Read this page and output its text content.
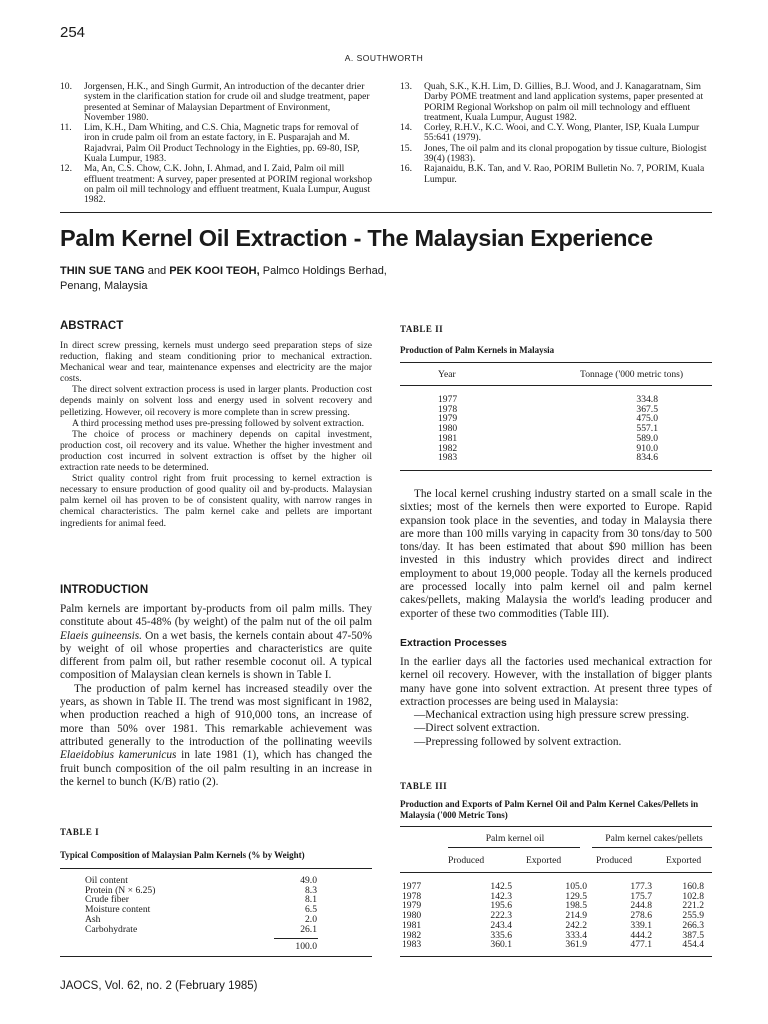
254
A. SOUTHWORTH
10.	Jorgensen, H.K., and Singh Gurmit, An introduction of the decanter drier system in the clarification station for crude oil and sludge treatment, paper presented at Seminar of Malaysian Department of Environment, November 1980.
11.	Lim, K.H., Dam Whiting, and C.S. Chia, Magnetic traps for removal of iron in crude palm oil from an estate factory, in E. Pusparajah and M. Rajadvrai, Palm Oil Product Technology in the Eighties, pp. 69-80, ISP, Kuala Lumpur, 1983.
12.	Ma, An, C.S. Chow, C.K. John, I. Ahmad, and I. Zaid, Palm oil mill effluent treatment: A survey, paper presented at PORIM regional workshop on palm oil mill technology and effluent treatment, Kuala Lumpur, August 1982.
13.	Quah, S.K., K.H. Lim, D. Gillies, B.J. Wood, and J. Kanagaratnam, Sim Darby POME treatment and land application systems, paper presented at PORIM Regional Workshop on palm oil mill technology and effluent treatment, Kuala Lumpur, August 1982.
14.	Corley, R.H.V., K.C. Wooi, and C.Y. Wong, Planter, ISP, Kuala Lumpur 55:641 (1979).
15.	Jones, The oil palm and its clonal propogation by tissue culture, Biologist 39(4) (1983).
16.	Rajanaidu, B.K. Tan, and V. Rao, PORIM Bulletin No. 7, PORIM, Kuala Lumpur.
Palm Kernel Oil Extraction - The Malaysian Experience
THIN SUE TANG and PEK KOOI TEOH, Palmco Holdings Berhad,
Penang, Malaysia
ABSTRACT

In direct screw pressing, kernels must undergo seed preparation steps of size reduction, flaking and steam conditioning prior to mechanical extraction. Mechanical wear and tear, maintenance expenses and electricity are the major costs.

The direct solvent extraction process is used in larger plants. Production cost depends mainly on solvent loss and energy used in solvent recovery and pelletizing. However, oil recovery is more complete than in screw pressing.

A third processing method uses pre-pressing followed by solvent extraction.

The choice of process or machinery depends on capital investment, production cost, oil recovery and its value. Whether the higher investment and production cost incurred in solvent extraction is offset by the higher oil extraction rate needs to be determined.

Strict quality control right from fruit processing to kernel extraction is necessary to ensure production of good quality oil and by-products. Malaysian palm kernel oil has proven to be of consistent quality, with narrow ranges in chemical characteristics. The palm kernel cake and pellets are important ingredients for animal feed.

INTRODUCTION

Palm kernels are important by-products from oil palm mills. They constitute about 45-48% (by weight) of the palm nut of the oil palm Elaeis guineensis. On a wet basis, the kernels contain about 47-50% by weight of oil whose properties and characteristics are quite different from palm oil, but rather resemble coconut oil. A typical composition of Malaysian clean kernels is shown in Table I.

The production of palm kernel has increased steadily over the years, as shown in Table II. The trend was most significant in 1982, when production reached a high of 910,000 tons, an increase of more than 50% over 1981. This remarkable achievement was attributed generally to the introduction of the pollinating weevils Elaeidobius kamerunicus in late 1981 (1), which has changed the fruit bunch composition of the oil palm resulting in an increase in the kernel to bunch (K/B) ratio (2).

TABLE I
Typical Composition of Malaysian Palm Kernels (% by Weight)
Oil content	49.0
Protein (N × 6.25)	8.3
Crude fiber	8.1
Moisture content	6.5
Ash	2.0
Carbohydrate	26.1
100.0
TABLE II
Production of Palm Kernels in Malaysia
Year	Tonnage ('000 metric tons)
1977	334.8
1978	367.5
1979	475.0
1980	557.1
1981	589.0
1982	910.0
1983	834.6

The local kernel crushing industry started on a small scale in the sixties; most of the kernels then were exported to Europe. Rapid expansion took place in the seventies, and today in Malaysia there are more than 100 mills varying in capacity from 30 tons/day to 500 tons/day. It has been estimated that about $90 million has been invested in this industry which provides direct and indirect employment to about 19,000 people. Today all the kernels produced are processed locally into palm kernel oil and palm kernel cakes/pellets, making Malaysia the world's leading producer and exporter of these two commodities (Table III).

Extraction Processes

In the earlier days all the factories used mechanical extraction for kernel oil recovery. However, with the installation of bigger plants many have gone into solvent extraction. At present three types of extraction processes are being used in Malaysia:

—Mechanical extraction using high pressure screw pressing.

—Direct solvent extraction.

—Prepressing followed by solvent extraction.

TABLE III
Production and Exports of Palm Kernel Oil and Palm Kernel Cakes/Pellets in Malaysia ('000 Metric Tons)
Palm kernel oil	Palm kernel cakes/pellets
Produced	Exported	Produced	Exported
1977	142.5	105.0	177.3	160.8
1978	142.3	129.5	175.7	102.8
1979	195.6	198.5	244.8	221.2
1980	222.3	214.9	278.6	255.9
1981	243.4	242.2	339.1	266.3
1982	335.6	333.4	444.2	387.5
1983	360.1	361.9	477.1	454.4
JAOCS, Vol. 62, no. 2 (February 1985)
